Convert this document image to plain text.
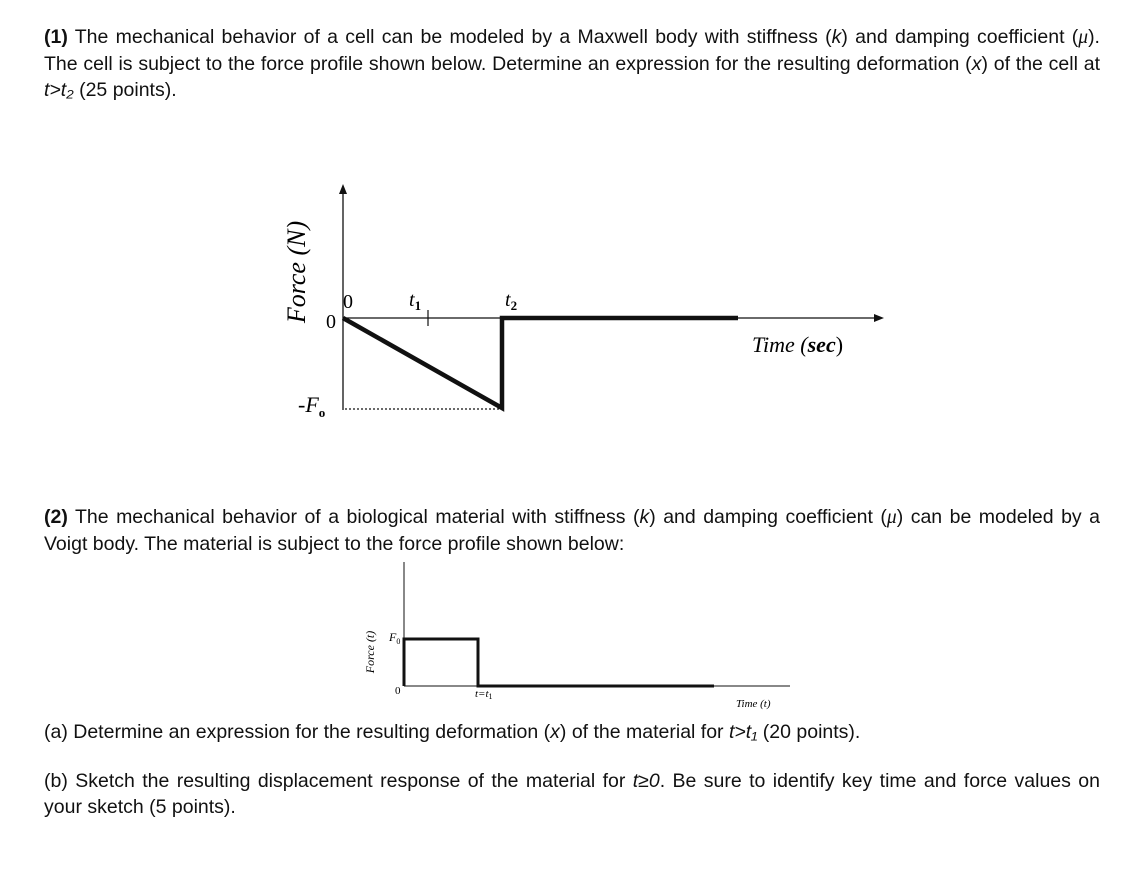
(1) The mechanical behavior of a cell can be modeled by a Maxwell body with stiffness (k) and damping coefficient (μ). The cell is subject to the force profile shown below. Determine an expression for the resulting deformation (x) of the cell at t>t₂ (25 points).

Force (N) 0
0	$t_1$	$t_2$
Time (sec)
$-F_o$

(2) The mechanical behavior of a biological material with stiffness (k) and damping coefficient (μ) can be modeled by a Voigt body. The material is subject to the force profile shown below:

Force (t) $F_0$
0	t=t1
Time (t)

(a) Determine an expression for the resulting deformation (x) of the material for t>t₁ (20 points).

(b) Sketch the resulting displacement response of the material for t≥0. Be sure to identify key time and force values on your sketch (5 points).
